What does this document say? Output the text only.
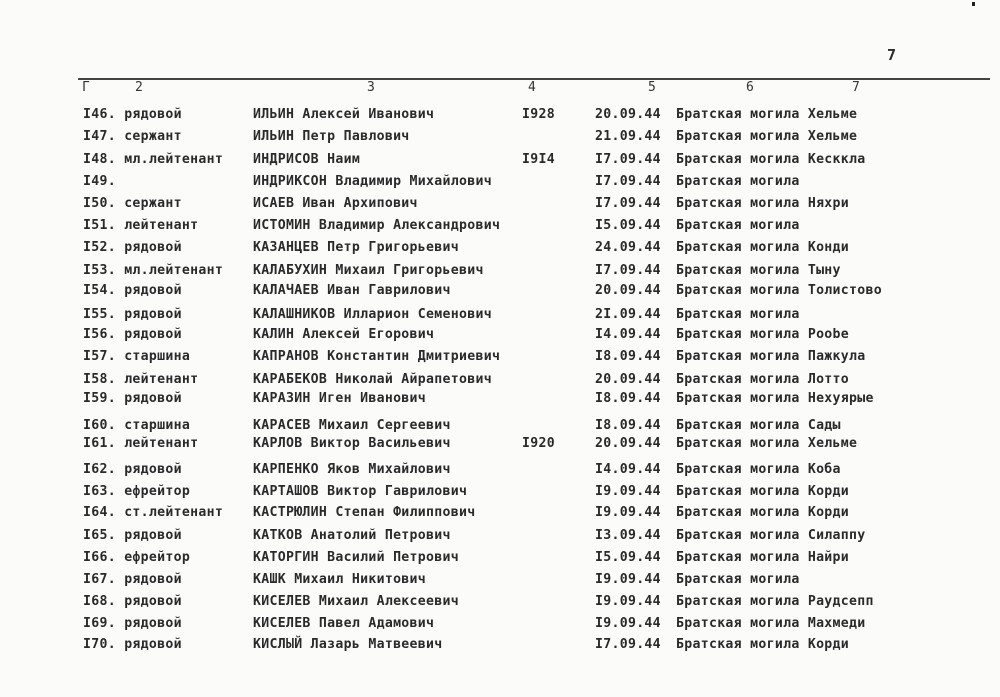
7
Г	2	3	4	5	6	7
I46. рядовой	ИЛЬИН Алексей Иванович	I928	20.09.44 Братская могила Хельме
I47. сержант	ИЛЬИН Петр Павлович	21.09.44 Братская могила Хельме
I48. мл.лейтенант ИНДРИСОВ Наим	I9I4	I7.09.44 Братская могила Кесккла
I49.	ИНДРИКСОН Владимир Михайлович	I7.09.44 Братская могила
I50. сержант	ИСАЕВ Иван Архипович	I7.09.44 Братская могила Няхри
I51. лейтенант	ИСТОМИН Владимир Александрович	I5.09.44 Братская могила
I52. рядовой	КАЗАНЦЕВ Петр Григорьевич	24.09.44 Братская могила Конди
I53. мл.лейтенант КАЛАБУХИН Михаил Григорьевич	I7.09.44 Братская могила Тыну
I54. рядовой	КАЛАЧАЕВ Иван Гаврилович	20.09.44 Братская могила Толистово
I55. рядовой	КАЛАШНИКОВ Илларион Семенович	2I.09.44 Братская могила
I56. рядовой	КАЛИН Алексей Егорович	I4.09.44 Братская могила Роobe
I57. старшина	КАПРАНОВ Константин Дмитриевич	I8.09.44 Братская могила Пажкула
I58. лейтенант	КАРАБЕКОВ Николай Айрапетович	20.09.44 Братская могила Лотто
I59. рядовой	КАРАЗИН Иген Иванович	I8.09.44 Братская могила Нехуярые
I60. старшина	КАРАСЕВ Михаил Сергеевич	I8.09.44 Братская могила Сады
I61. лейтенант	КАРЛОВ Виктор Васильевич	I920	20.09.44 Братская могила Хельме
I62. рядовой	КАРПЕНКО Яков Михайлович	I4.09.44 Братская могила Коба
I63. ефрейтор	КАРТАШОВ Виктор Гаврилович	I9.09.44 Братская могила Корди
I64. ст.лейтенант КАСТРЮЛИН Степан Филиппович	I9.09.44 Братская могила Корди
I65. рядовой	КАТКОВ Анатолий Петрович	I3.09.44 Братская могила Силаппу
I66. ефрейтор	КАТОРГИН Василий Петрович	I5.09.44 Братская могила Найри
I67. рядовой	КАШК Михаил Никитович	I9.09.44 Братская могила
I68. рядовой	КИСЕЛЕВ Михаил Алексеевич	I9.09.44 Братская могила Раудсепп
I69. рядовой	КИСЕЛЕВ Павел Адамович	I9.09.44 Братская могила Махмеди
I70. рядовой	КИСЛЫЙ Лазарь Матвеевич	I7.09.44 Братская могила Корди
